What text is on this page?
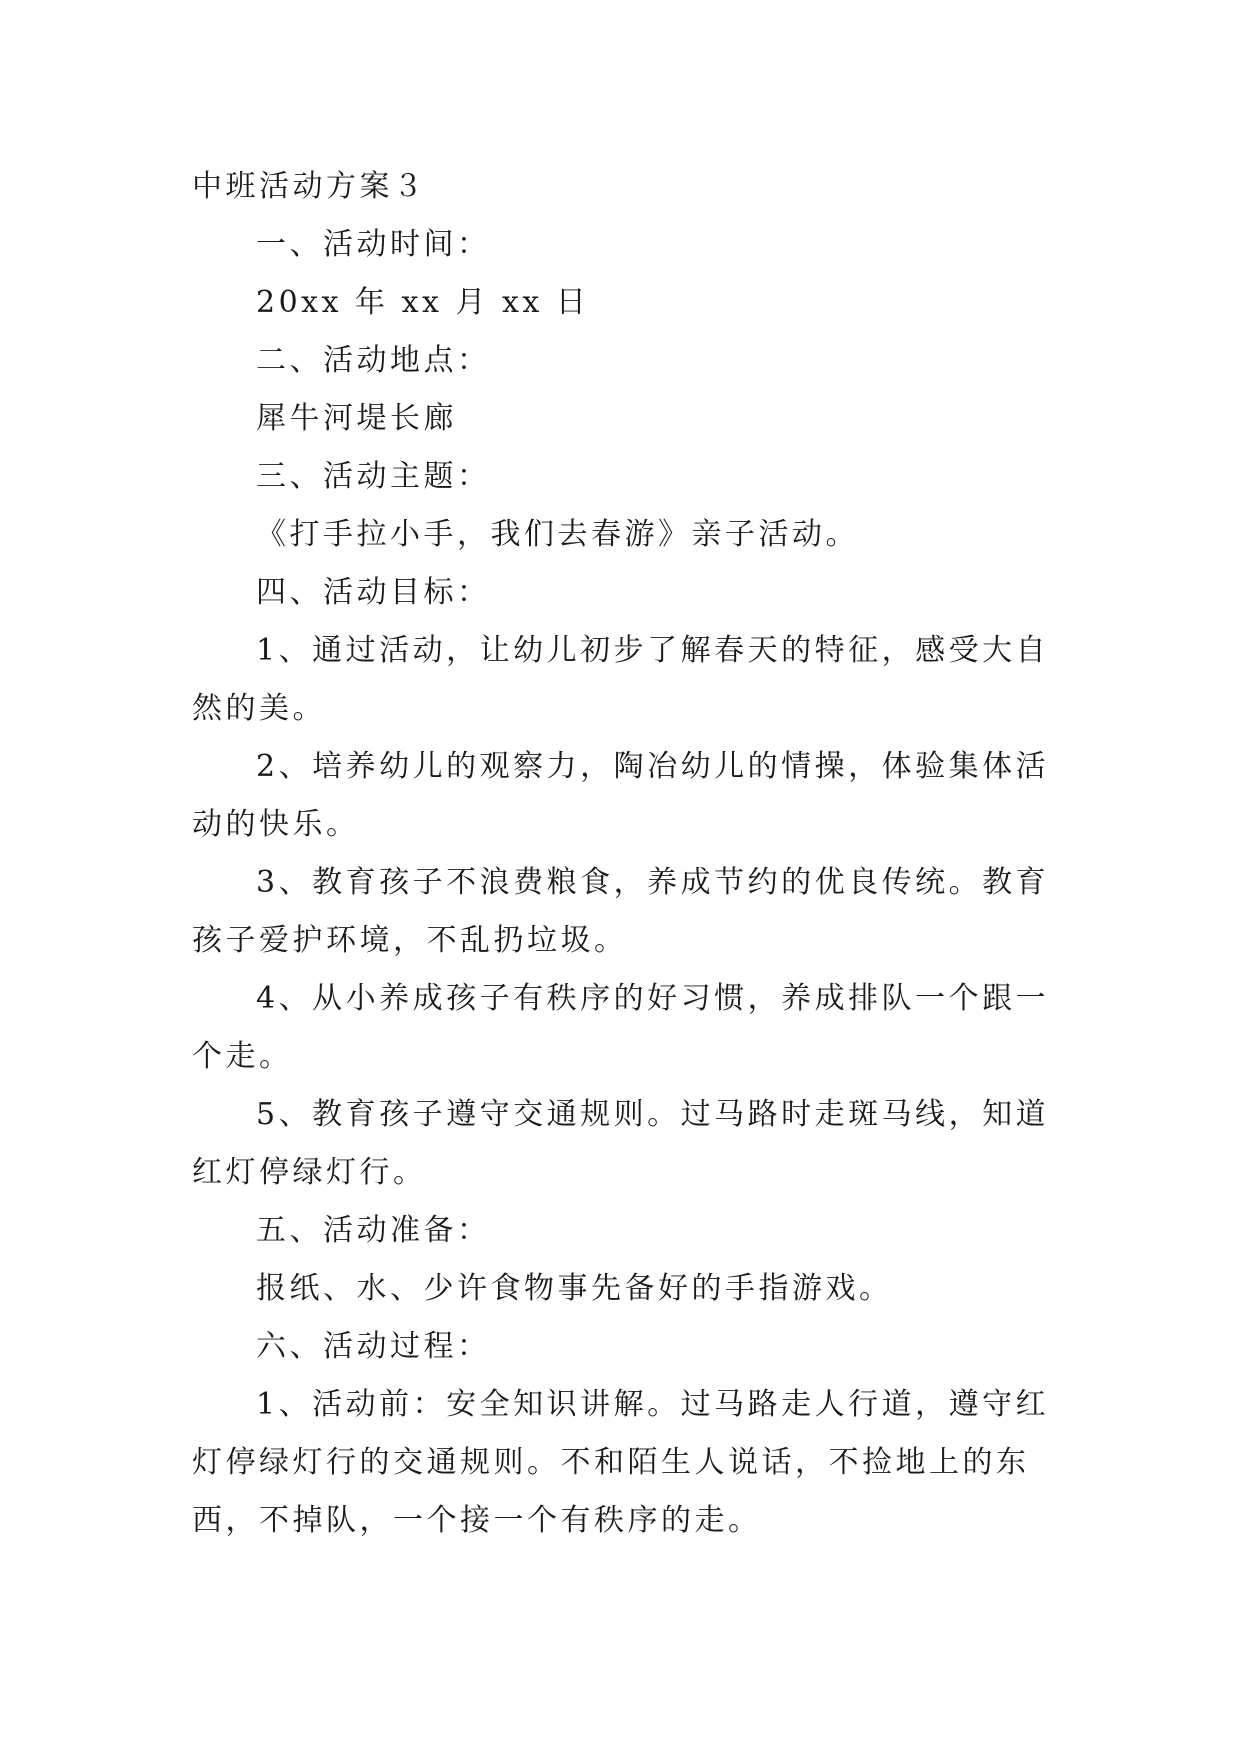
中班活动方案３

一、活动时间：

20xx 年 xx 月 xx 日

二、活动地点：

犀牛河堤长廊

三、活动主题：

《打手拉小手，我们去春游》亲子活动。

四、活动目标：

1、通过活动，让幼儿初步了解春天的特征，感受大自然的美。

2、培养幼儿的观察力，陶冶幼儿的情操，体验集体活动的快乐。

3、教育孩子不浪费粮食，养成节约的优良传统。教育孩子爱护环境，不乱扔垃圾。

4、从小养成孩子有秩序的好习惯，养成排队一个跟一个走。

5、教育孩子遵守交通规则。过马路时走斑马线，知道红灯停绿灯行。

五、活动准备：

报纸、水、少许食物事先备好的手指游戏。

六、活动过程：

1、活动前：安全知识讲解。过马路走人行道，遵守红灯停绿灯行的交通规则。不和陌生人说话，不捡地上的东西，不掉队，一个接一个有秩序的走。
